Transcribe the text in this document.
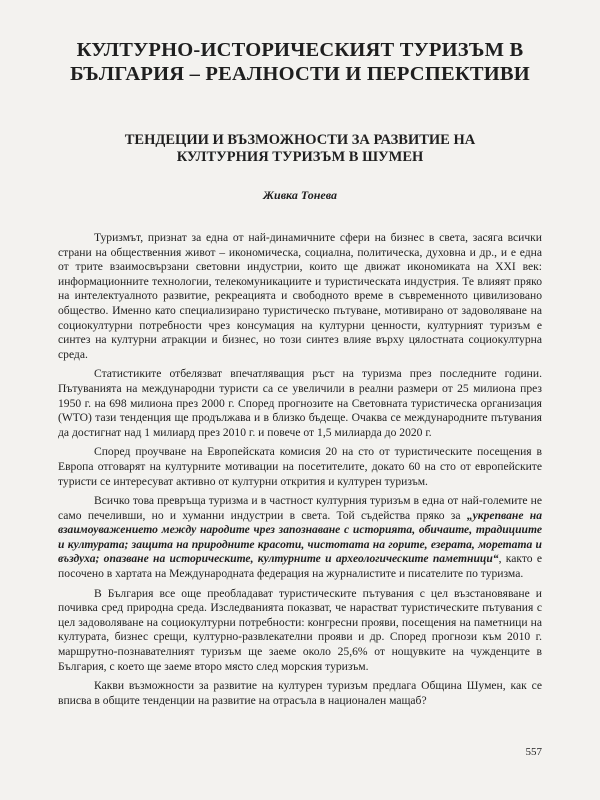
КУЛТУРНО-ИСТОРИЧЕСКИЯТ ТУРИЗЪМ В
БЪЛГАРИЯ – РЕАЛНОСТИ И ПЕРСПЕКТИВИ
ТЕНДЕЦИИ И ВЪЗМОЖНОСТИ ЗА РАЗВИТИЕ НА
КУЛТУРНИЯ ТУРИЗЪМ В ШУМЕН
Живка Тонева

Туризмът, признат за една от най-динамичните сфери на бизнес в света, засяга всички страни на общественния живот – икономическа, социална, политическа, духовна и др., и е една от трите взаимосвързани световни индустрии, които ще движат икономиката на XXI век: информационните технологии, телекомуникациите и туристическата индустрия. Те влияят пряко на интелектуалното развитие, рекреацията и свободното време в съвременното цивилизовано общество. Именно като специализирано туристическо пътуване, мотивирано от задоволяване на социокултурни потребности чрез консумация на културни ценности, културният туризъм е синтез на културни атракции и бизнес, но този синтез влияе върху цялостната социокултурна среда.

Статистиките отбелязват впечатляващия ръст на туризма през последните години. Пътуванията на международни туристи са се увеличили в реални размери от 25 милиона през 1950 г. на 698 милиона през 2000 г. Според прогнозите на Световната туристическа организация (WTO) тази тенденция ще продължава и в близко бъдеще. Очаква се международните пътувания да достигнат над 1 милиард през 2010 г. и повече от 1,5 милиарда до 2020 г.

Според проучване на Европейската комисия 20 на сто от туристическите посещения в Европа отговарят на културните мотивации на посетителите, докато 60 на сто от европейските туристи се интересуват активно от културни открития и културен туризъм.

Всичко това превръща туризма и в частност културния туризъм в една от най-големите не само печеливши, но и хуманни индустрии в света. Той съдейства пряко за „укрепване на взаимоуважението между народите чрез запознаване с историята, обичаите, традициите и културата; защита на природните красоти, чистотата на горите, езерата, моретата и въздуха; опазване на историческите, културните и археологическите паметници“, както е посочено в хартата на Международната федерация на журналистите и писателите по туризма.

В България все още преобладават туристическите пътувания с цел възстановяване и почивка сред природна среда. Изследванията показват, че нарастват туристическите пътувания с цел задоволяване на социокултурни потребности: конгресни прояви, посещения на паметници на културата, бизнес срещи, културно-развлекателни прояви и др. Според прогнози към 2010 г. маршрутно-познавателният туризъм ще заеме около 25,6% от нощувките на чужденците в България, с което ще заеме второ място след морския туризъм.

Какви възможности за развитие на културен туризъм предлага Община Шумен, как се вписва в общите тенденции на развитие на отрасъла в национален мащаб?

557
